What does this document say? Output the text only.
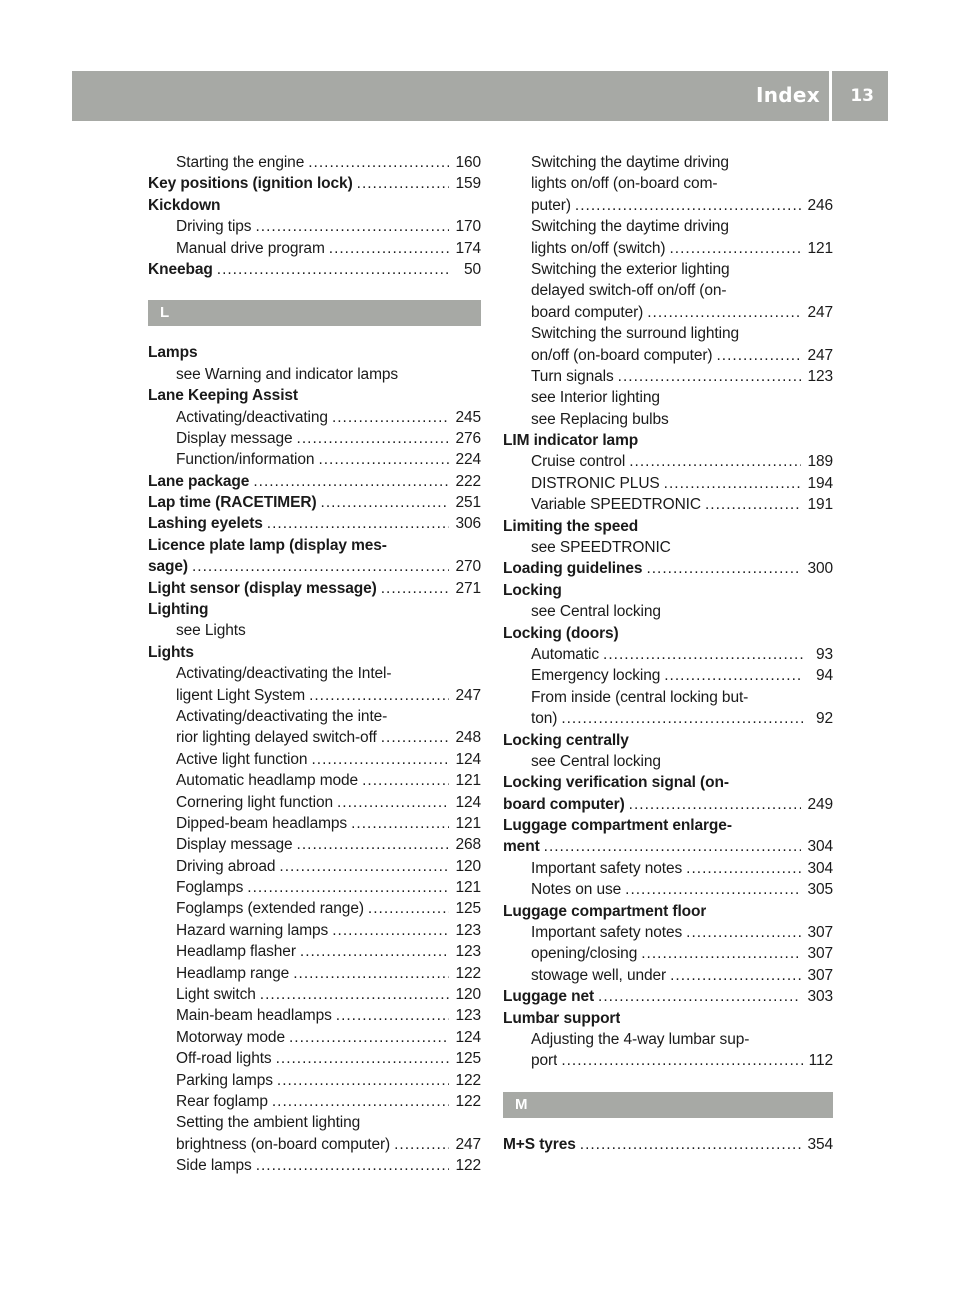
Index 13
Starting the engine .....	160
Key positions (ignition lock) .....	159
Kickdown
Driving tips .....	170
Manual drive program .....	174
Kneebag .....	50
L
Lamps
see Warning and indicator lamps
Lane Keeping Assist
Activating/deactivating .....	245
Display message .....	276
Function/information .....	224
Lane package .....	222
Lap time (RACETIMER) .....	251
Lashing eyelets .....	306
Licence plate lamp (display mes-
sage) .....	270
Light sensor (display message) .....	271
Lighting
see Lights
Lights
Activating/deactivating the Intel-
ligent Light System .....	247
Activating/deactivating the inte-
rior lighting delayed switch-off .....	248
Active light function .....	124
Automatic headlamp mode .....	121
Cornering light function .....	124
Dipped-beam headlamps .....	121
Display message .....	268
Driving abroad .....	120
Foglamps .....	121
Foglamps (extended range) .....	125
Hazard warning lamps .....	123
Headlamp flasher .....	123
Headlamp range .....	122
Light switch .....	120
Main-beam headlamps .....	123
Motorway mode .....	124
Off-road lights .....	125
Parking lamps .....	122
Rear foglamp .....	122
Setting the ambient lighting
brightness (on-board computer) .....	247
Side lamps .....	122
Switching the daytime driving
lights on/off (on-board com-
puter) .....	246
Switching the daytime driving
lights on/off (switch) .....	121
Switching the exterior lighting
delayed switch-off on/off (on-
board computer) .....	247
Switching the surround lighting
on/off (on-board computer) .....	247
Turn signals .....	123
see Interior lighting
see Replacing bulbs
LIM indicator lamp
Cruise control .....	189
DISTRONIC PLUS .....	194
Variable SPEEDTRONIC .....	191
Limiting the speed
see SPEEDTRONIC
Loading guidelines .....	300
Locking
see Central locking
Locking (doors)
Automatic .....	93
Emergency locking .....	94
From inside (central locking but-
ton) .....	92
Locking centrally
see Central locking
Locking verification signal (on-
board computer) .....	249
Luggage compartment enlarge-
ment .....	304
Important safety notes .....	304
Notes on use .....	305
Luggage compartment floor
Important safety notes .....	307
opening/closing .....	307
stowage well, under .....	307
Luggage net .....	303
Lumbar support
Adjusting the 4-way lumbar sup-
port .....	112
M
M+S tyres .....	354
